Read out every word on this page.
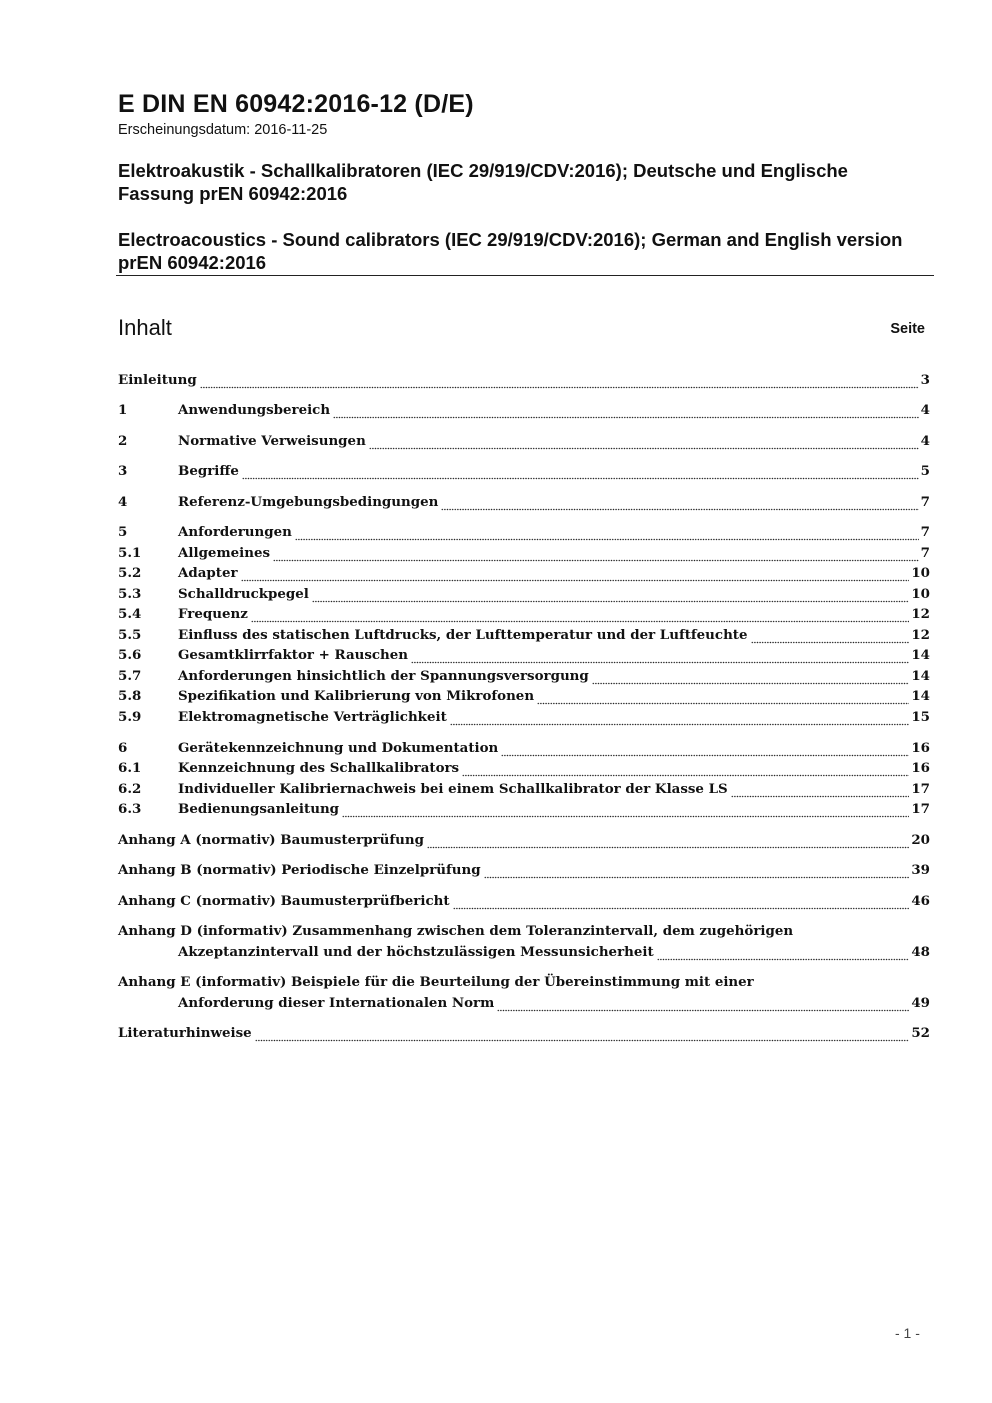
E DIN EN 60942:2016-12 (D/E)
Erscheinungsdatum: 2016-11-25
Elektroakustik - Schallkalibratoren (IEC 29/919/CDV:2016); Deutsche und Englische Fassung prEN 60942:2016
Electroacoustics - Sound calibrators (IEC 29/919/CDV:2016); German and English version prEN 60942:2016
Inhalt	Seite
Einleitung	3
1	Anwendungsbereich	4
2	Normative Verweisungen	4
3	Begriffe	5
4	Referenz-Umgebungsbedingungen	7
5	Anforderungen	7
5.1	Allgemeines	7
5.2	Adapter	10
5.3	Schalldruckpegel	10
5.4	Frequenz	12
5.5	Einfluss des statischen Luftdrucks, der Lufttemperatur und der Luftfeuchte	12
5.6	Gesamtklirrfaktor + Rauschen	14
5.7	Anforderungen hinsichtlich der Spannungsversorgung	14
5.8	Spezifikation und Kalibrierung von Mikrofonen	14
5.9	Elektromagnetische Verträglichkeit	15
6	Gerätekennzeichnung und Dokumentation	16
6.1	Kennzeichnung des Schallkalibrators	16
6.2	Individueller Kalibriernachweis bei einem Schallkalibrator der Klasse LS	17
6.3	Bedienungsanleitung	17
Anhang A (normativ) Baumusterprüfung	20
Anhang B (normativ) Periodische Einzelprüfung	39
Anhang C (normativ) Baumusterprüfbericht	46
Anhang D (informativ) Zusammenhang zwischen dem Toleranzintervall, dem zugehörigen
Akzeptanzintervall und der höchstzulässigen Messunsicherheit	48
Anhang E (informativ) Beispiele für die Beurteilung der Übereinstimmung mit einer
Anforderung dieser Internationalen Norm	49
Literaturhinweise	52
- 1 -
